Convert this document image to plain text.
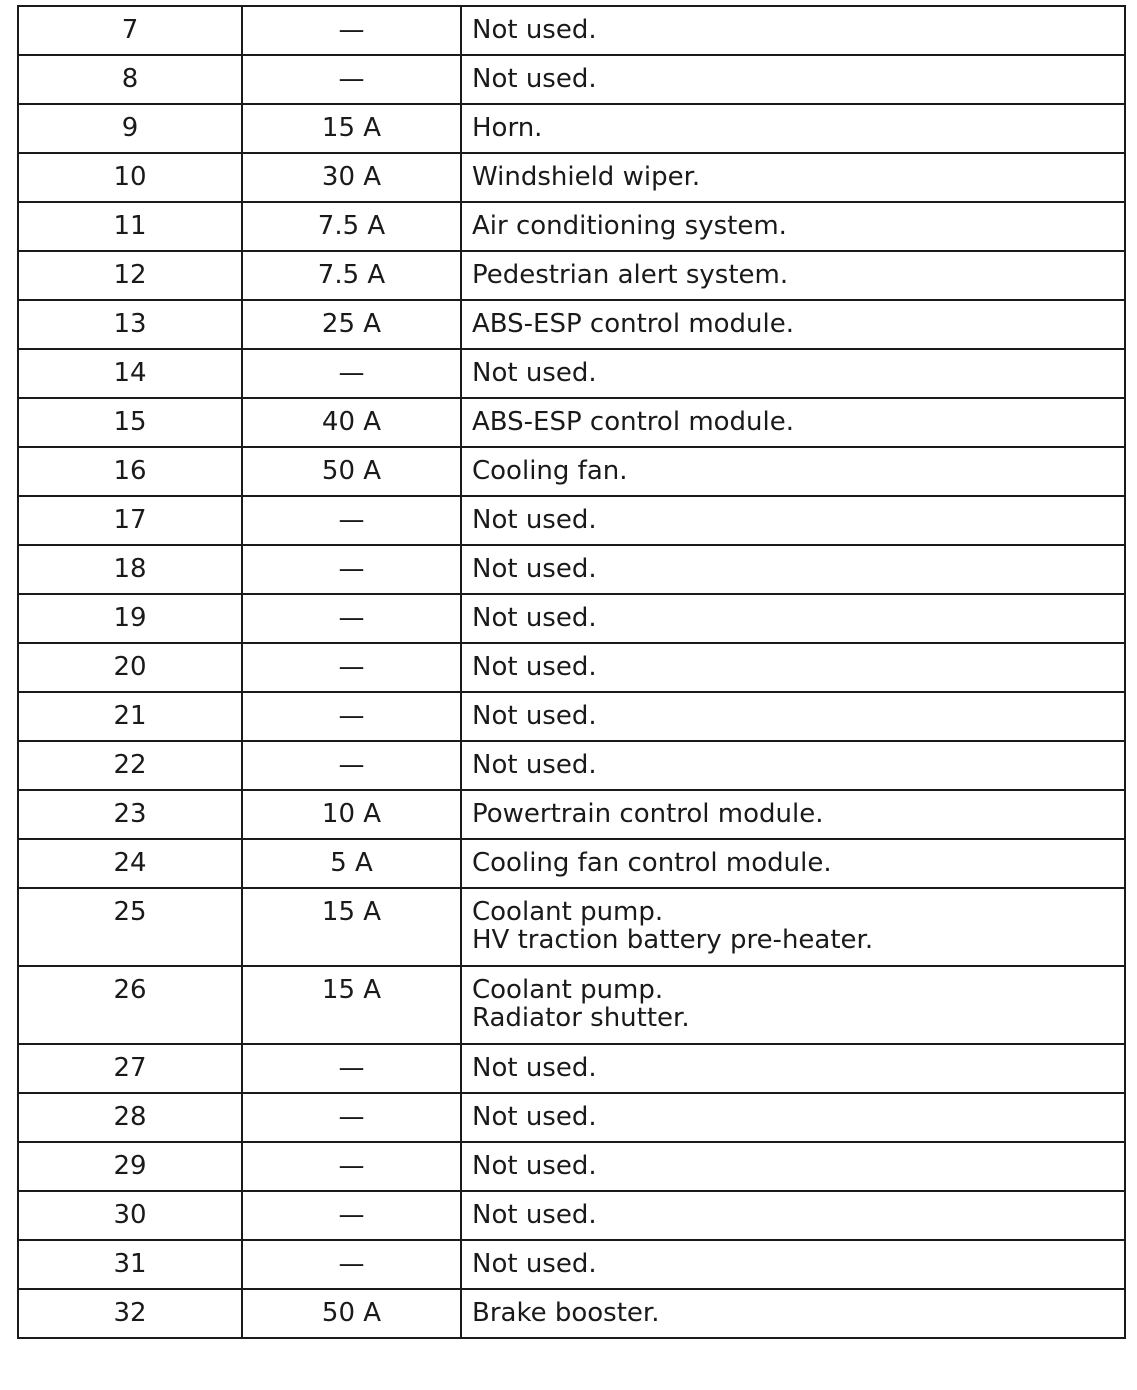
7	—	Not used.

8	—	Not used.

9	15 A	Horn.

10	30 A	Windshield wiper.

11	7.5 A	Air conditioning system.

12	7.5 A	Pedestrian alert system.

13	25 A	ABS-ESP control module.

14	—	Not used.

15	40 A	ABS-ESP control module.

16	50 A	Cooling fan.

17	—	Not used.

18	—	Not used.

19	—	Not used.

20	—	Not used.

21	—	Not used.

22	—	Not used.

23	10 A	Powertrain control module.

24	5 A	Cooling fan control module.

25	15 A	Coolant pump.
HV traction battery pre-heater.

26	15 A	Coolant pump.
Radiator shutter.

27	—	Not used.

28	—	Not used.

29	—	Not used.

30	—	Not used.

31	—	Not used.

32	50 A	Brake booster.
